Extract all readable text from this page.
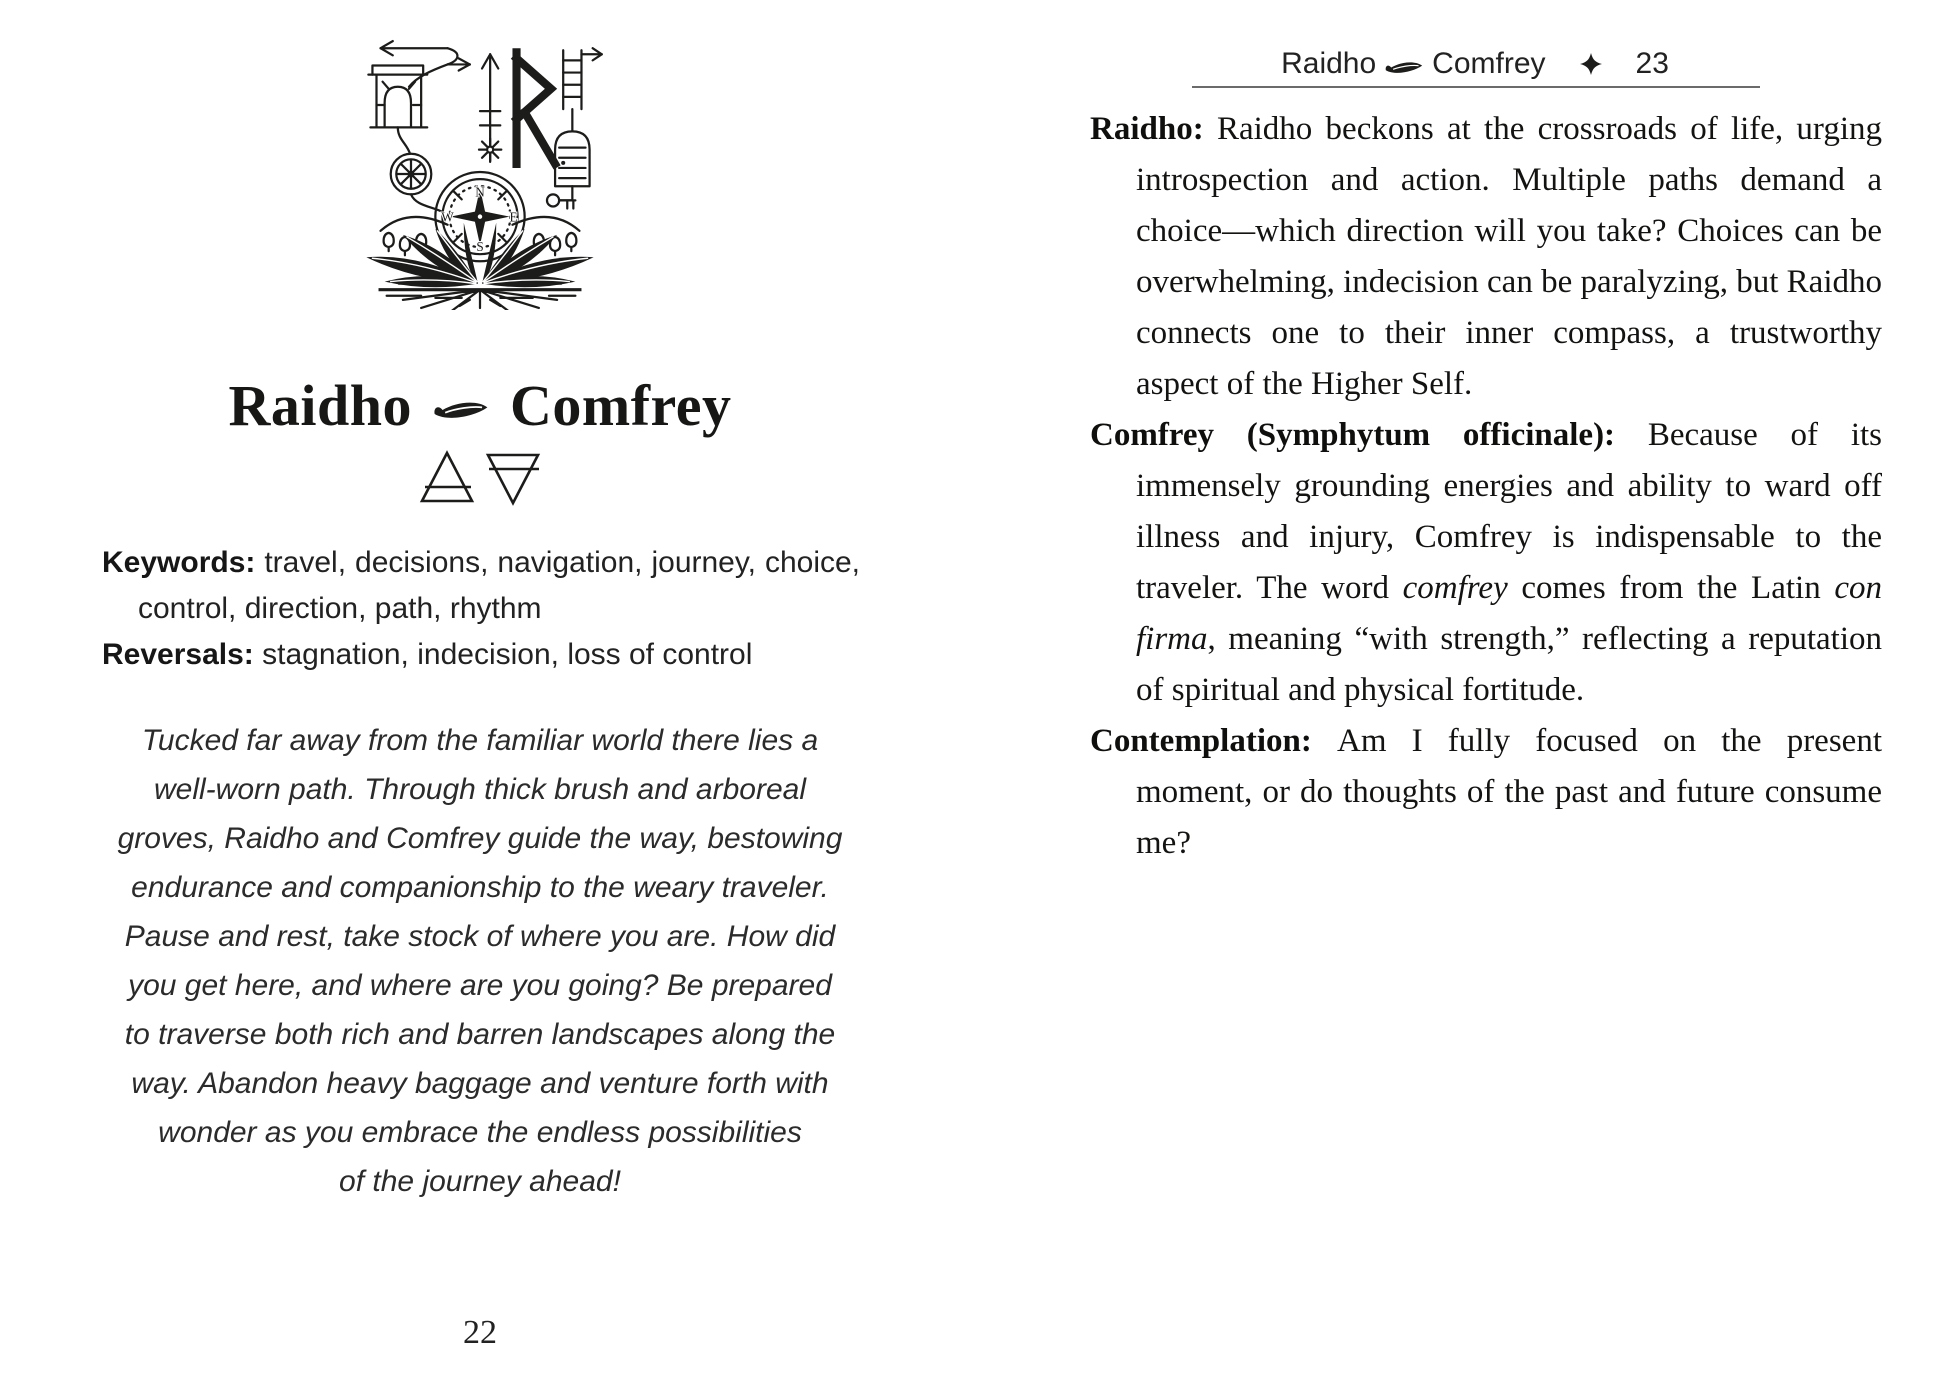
N
E
S
W
Raidho Comfrey

Keywords: travel, decisions, navigation, journey, choice, control, direction, path, rhythm

Reversals: stagnation, indecision, loss of control

Tucked far away from the familiar world there lies a
well-worn path. Through thick brush and arboreal
groves, Raidho and Comfrey guide the way, bestowing
endurance and companionship to the weary traveler.
Pause and rest, take stock of where you are. How did
you get here, and where are you going? Be prepared
to traverse both rich and barren landscapes along the
way. Abandon heavy baggage and venture forth with
wonder as you embrace the endless possibilities
of the journey ahead!
22
Raidho Comfrey	23

Raidho: Raidho beckons at the crossroads of life, urging introspection and action. Multiple paths demand a choice—which direction will you take? Choices can be overwhelming, indecision can be paralyzing, but Raidho connects one to their inner compass, a trustworthy aspect of the Higher Self.

Comfrey (Symphytum officinale): Because of its immensely grounding energies and ability to ward off illness and injury, Comfrey is indispensable to the traveler. The word comfrey comes from the Latin con firma, meaning “with strength,” reflecting a reputation of spiritual and physical fortitude.

Contemplation: Am I fully focused on the present moment, or do thoughts of the past and future consume me?
